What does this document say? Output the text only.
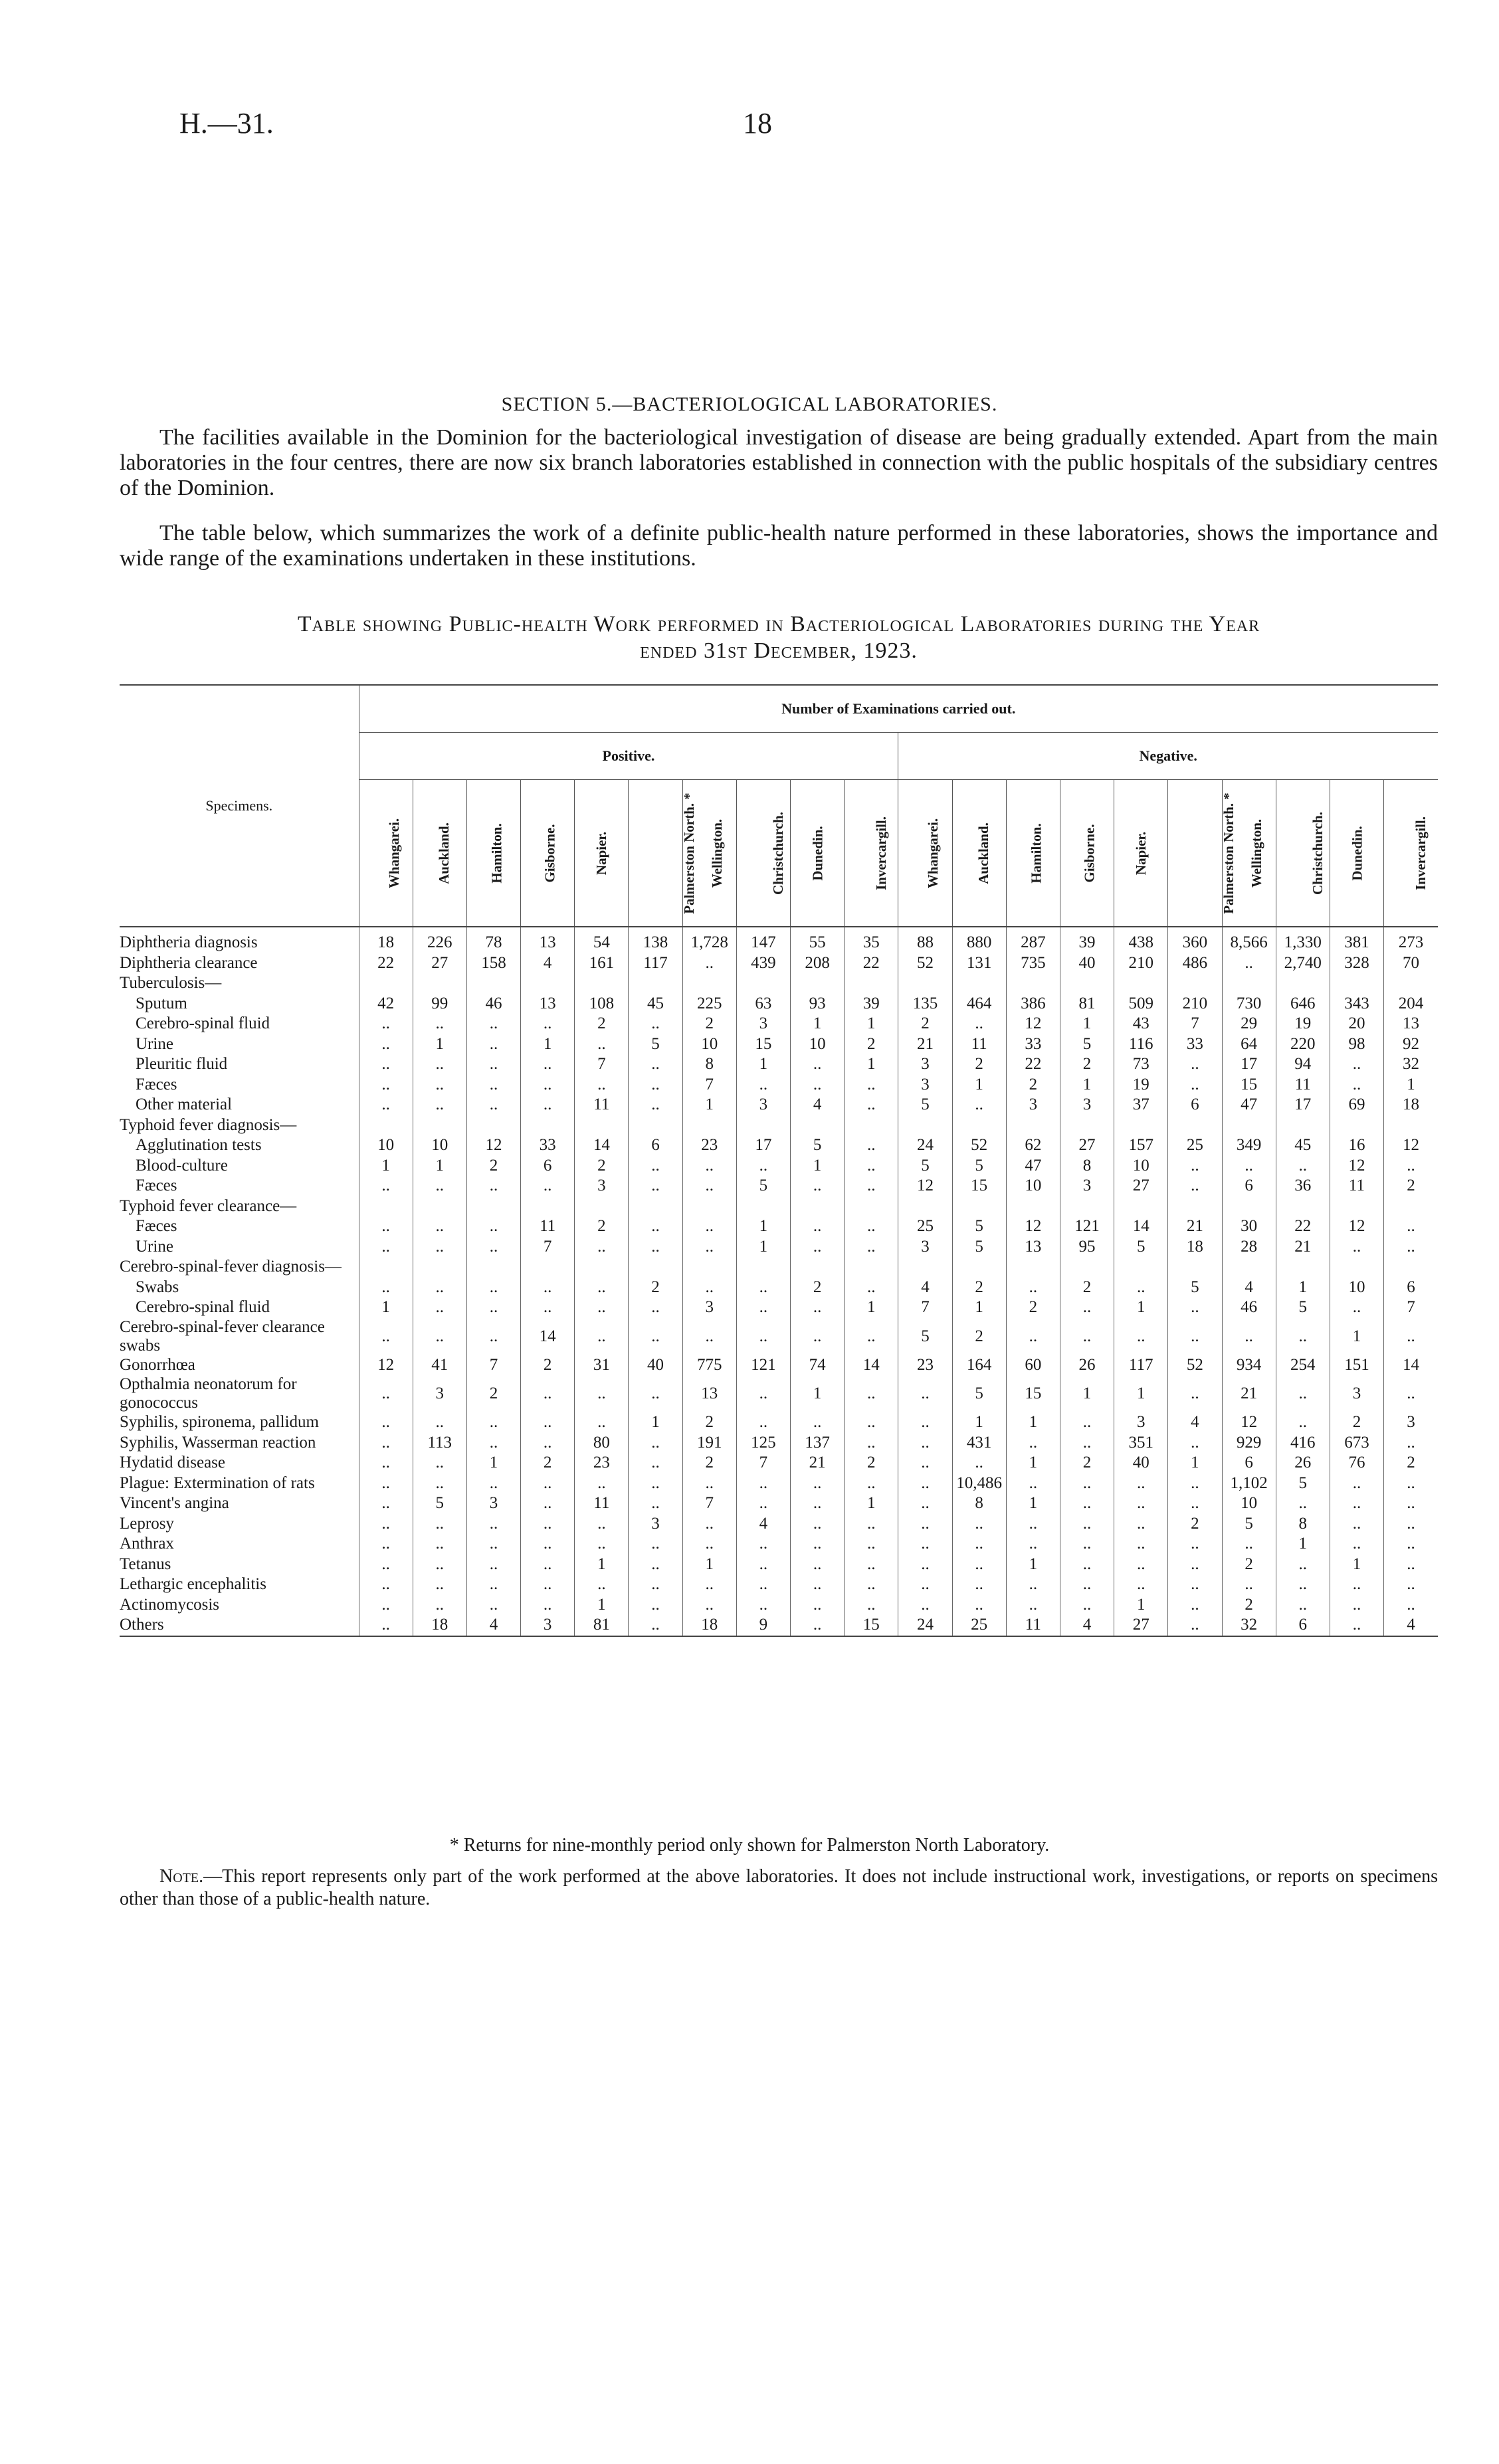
H.—31.	18
SECTION 5.—BACTERIOLOGICAL LABORATORIES.

The facilities available in the Dominion for the bacteriological investigation of disease are being gradually extended. Apart from the main laboratories in the four centres, there are now six branch laboratories established in connection with the public hospitals of the subsidiary centres of the Dominion.

The table below, which summarizes the work of a definite public-health nature performed in these laboratories, shows the importance and wide range of the examinations undertaken in these institutions.

Table showing Public-health Work performed in Bacteriological Laboratories during the Year
ended 31st December, 1923.
Specimens.	Number of Examinations carried out.																			
	Positive.										Negative.									
	Whangarei.	Auckland.	Hamilton.	Gisborne.	Napier.	Palmerston North. *	Wellington.	Christchurch.	Dunedin.	Invercargill.	Whangarei.	Auckland.	Hamilton.	Gisborne.	Napier.	Palmerston North. *	Wellington.	Christchurch.	Dunedin.	Invercargill.
Diphtheria diagnosis	18	226	78	13	54	138	1,728	147	55	35	88	880	287	39	438	360	8,566	1,330	381	273
Diphtheria clearance	22	27	158	4	161	117	..	439	208	22	52	131	735	40	210	486	..	2,740	328	70
Tuberculosis—																				
Sputum	42	99	46	13	108	45	225	63	93	39	135	464	386	81	509	210	730	646	343	204
Cerebro-spinal fluid	..	..	..	..	2	..	2	3	1	1	2	..	12	1	43	7	29	19	20	13
Urine	..	1	..	1	..	5	10	15	10	2	21	11	33	5	116	33	64	220	98	92
Pleuritic fluid	..	..	..	..	7	..	8	1	..	1	3	2	22	2	73	..	17	94	..	32
Fæces	..	..	..	..	..	..	7	..	..	..	3	1	2	1	19	..	15	11	..	1
Other material	..	..	..	..	11	..	1	3	4	..	5	..	3	3	37	6	47	17	69	18
Typhoid fever diagnosis—																				
Agglutination tests	10	10	12	33	14	6	23	17	5	..	24	52	62	27	157	25	349	45	16	12
Blood-culture	1	1	2	6	2	..	..	..	1	..	5	5	47	8	10	..	..	..	12	..
Fæces	..	..	..	..	3	..	..	5	..	..	12	15	10	3	27	..	6	36	11	2
Typhoid fever clearance—																				
Fæces	..	..	..	11	2	..	..	1	..	..	25	5	12	121	14	21	30	22	12	..
Urine	..	..	..	7	..	..	..	1	..	..	3	5	13	95	5	18	28	21	..	..
Cerebro-spinal-fever diagnosis—																				
Swabs	..	..	..	..	..	2	..	..	2	..	4	2	..	2	..	5	4	1	10	6
Cerebro-spinal fluid	1	..	..	..	..	..	3	..	..	1	7	1	2	..	1	..	46	5	..	7
Cerebro-spinal-fever clearance swabs	..	..	..	14	..	..	..	..	..	..	5	2	..	..	..	..	..	..	1	..
Gonorrhœa	12	41	7	2	31	40	775	121	74	14	23	164	60	26	117	52	934	254	151	14
Opthalmia neonatorum for gonococcus	..	3	2	..	..	..	13	..	1	..	..	5	15	1	1	..	21	..	3	..
Syphilis, spironema, pallidum	..	..	..	..	..	1	2	..	..	..	..	1	1	..	3	4	12	..	2	3
Syphilis, Wasserman reaction	..	113	..	..	80	..	191	125	137	..	..	431	..	..	351	..	929	416	673	..
Hydatid disease	..	..	1	2	23	..	2	7	21	2	..	..	1	2	40	1	6	26	76	2
Plague: Extermination of rats	..	..	..	..	..	..	..	..	..	..	..	10,486	..	..	..	..	1,102	5	..	..
Vincent's angina	..	5	3	..	11	..	7	..	..	1	..	8	1	..	..	..	10	..	..	..
Leprosy	..	..	..	..	..	3	..	4	..	..	..	..	..	..	..	2	5	8	..	..
Anthrax	..	..	..	..	..	..	..	..	..	..	..	..	..	..	..	..	..	1	..	..
Tetanus	..	..	..	..	1	..	1	..	..	..	..	..	1	..	..	..	2	..	1	..
Lethargic encephalitis	..	..	..	..	..	..	..	..	..	..	..	..	..	..	..	..	..	..	..	..
Actinomycosis	..	..	..	..	1	..	..	..	..	..	..	..	..	..	1	..	2	..	..	..
Others	..	18	4	3	81	..	18	9	..	15	24	25	11	4	27	..	32	6	..	4
* Returns for nine-monthly period only shown for Palmerston North Laboratory.

Note.—This report represents only part of the work performed at the above laboratories. It does not include instructional work, investigations, or reports on specimens other than those of a public-health nature.
